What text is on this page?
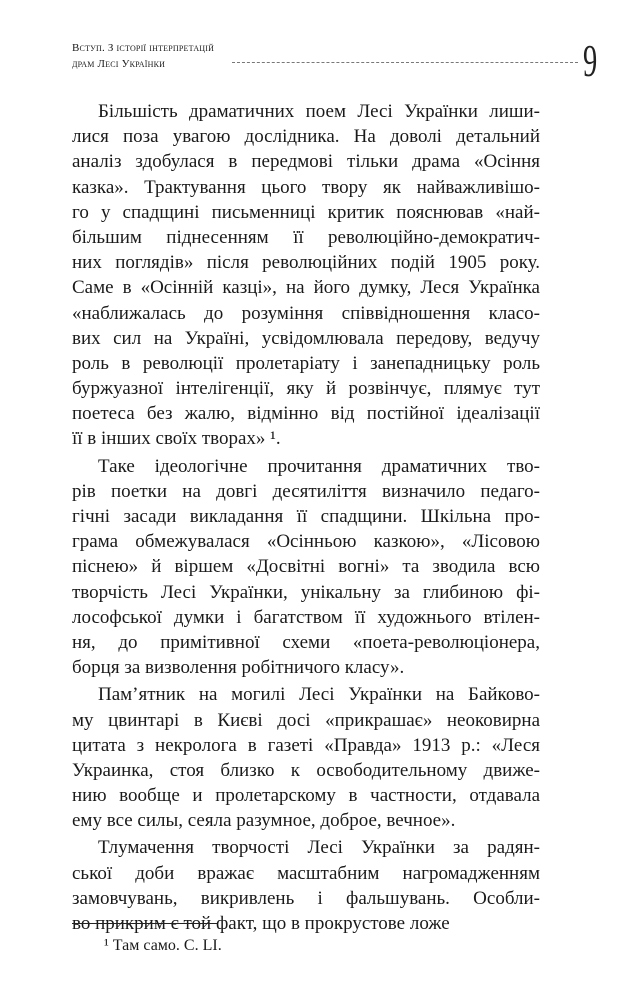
Вступ. З історії інтерпретацій
драм Лесі Українки	9
Більшість драматичних поем Лесі Українки лиши-
лися поза увагою дослідника. На доволі детальний
аналіз здобулася в передмові тільки драма «Осіння
казка». Трактування цього твору як найважливішо-
го у спадщині письменниці критик пояснював «най-
більшим піднесенням її революційно-демократич-
них поглядів» після революційних подій 1905 року.
Саме в «Осінній казці», на його думку, Леся Українка
«наближалась до розуміння співвідношення класо-
вих сил на Україні, усвідомлювала передову, ведучу
роль в революції пролетаріату і занепадницьку роль
буржуазної інтелігенції, яку й розвінчує, плямує тут
поетеса без жалю, відмінно від постійної ідеалізації
її в інших своїх творах» ¹.
Таке ідеологічне прочитання драматичних тво-
рів поетки на довгі десятиліття визначило педаго-
гічні засади викладання її спадщини. Шкільна про-
грама обмежувалася «Осінньою казкою», «Лісовою
піснею» й віршем «Досвітні вогні» та зводила всю
творчість Лесі Українки, унікальну за глибиною фі-
лософської думки і багатством її художнього втілен-
ня, до примітивної схеми «поета-революціонера,
борця за визволення робітничого класу».
Пам’ятник на могилі Лесі Українки на Байково-
му цвинтарі в Києві досі «прикрашає» неоковирна
цитата з некролога в газеті «Правда» 1913 р.: «Леся
Украинка, стоя близко к освободительному движе-
нию вообще и пролетарскому в частности, отдавала
ему все силы, сеяла разумное, доброе, вечное».
Тлумачення творчості Лесі Українки за радян-
ської доби вражає масштабним нагромадженням
замовчувань, викривлень і фальшувань. Особли-
во прикрим є той факт, що в прокрустове ложе
¹ Там само. С. LI.
